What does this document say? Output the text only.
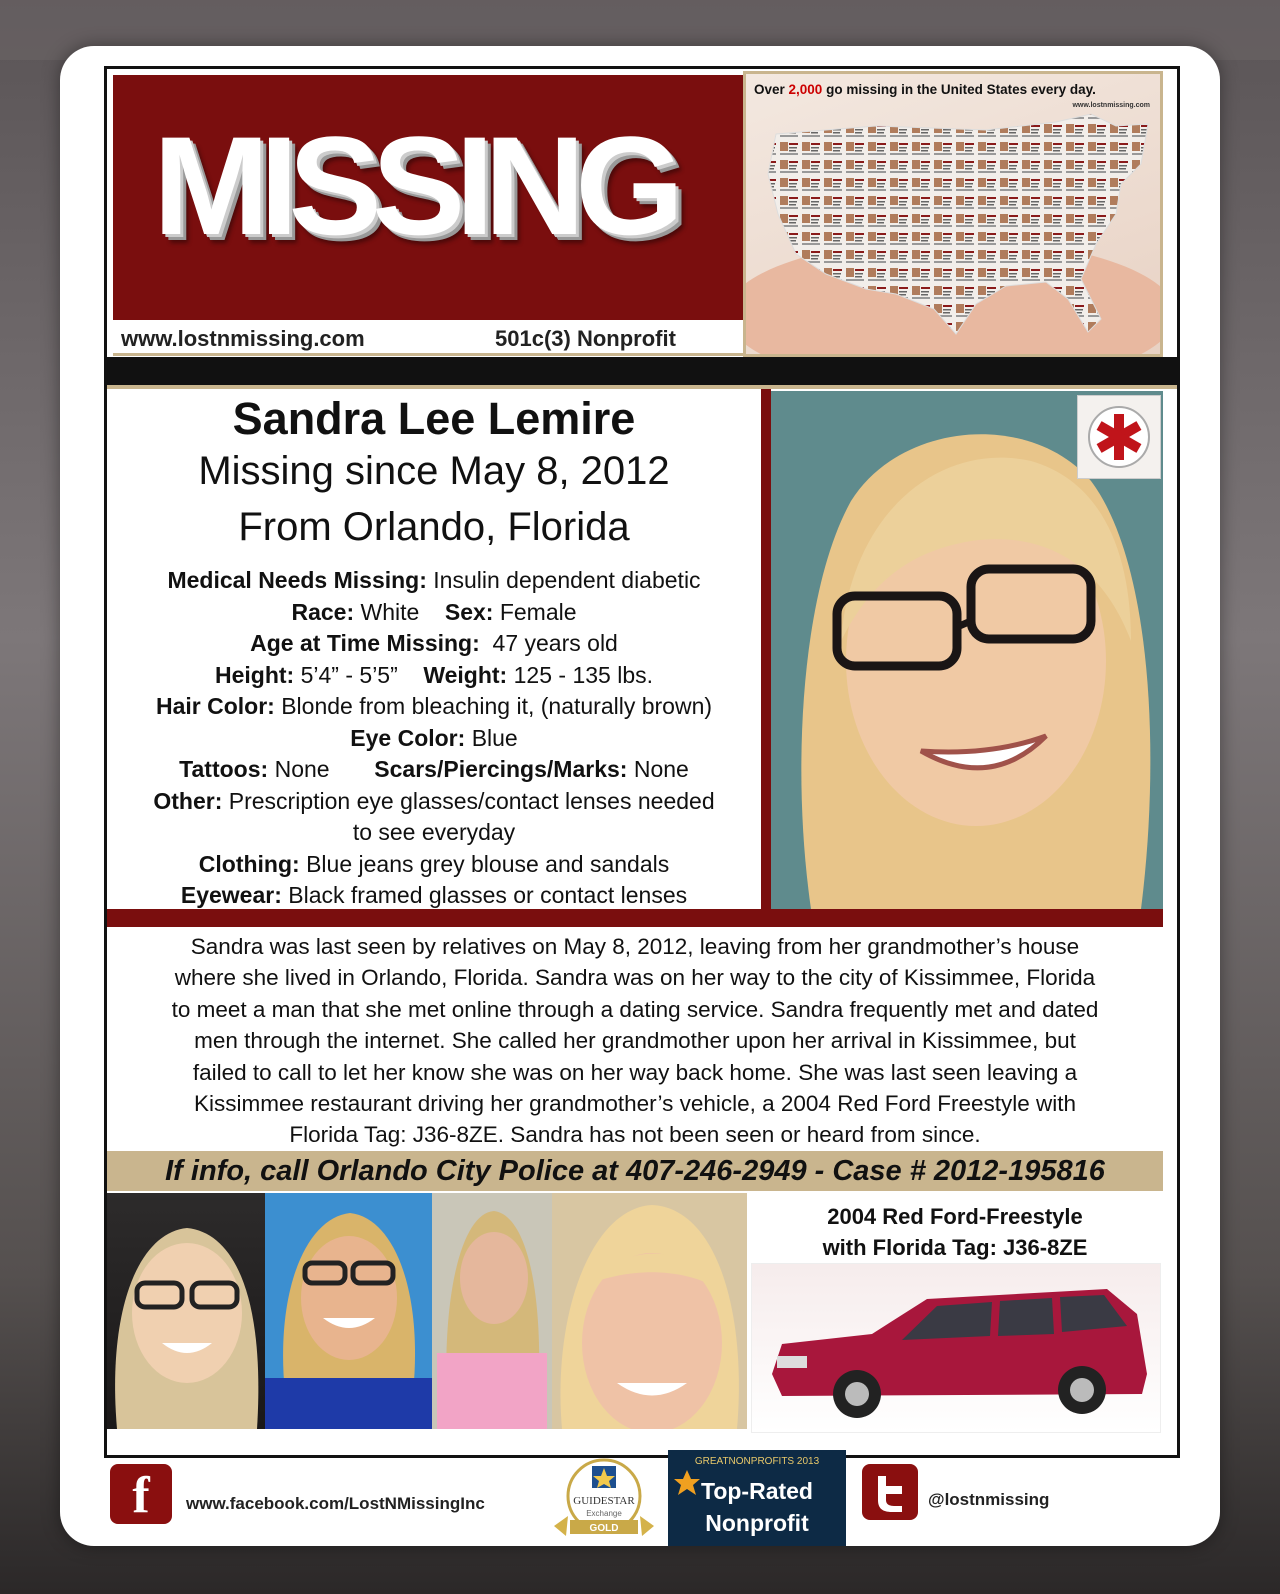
MISSING
www.lostnmissing.com	501c(3) Nonprofit
Over 2,000 go missing in the United States every day.
www.lostnmissing.com
Sandra Lee Lemire
Missing since May 8, 2012
From Orlando, Florida
Medical Needs Missing: Insulin dependent diabetic
Race: White Sex: Female
Age at Time Missing: 47 years old
Height: 5’4” - 5’5” Weight: 125 - 135 lbs.
Hair Color: Blonde from bleaching it, (naturally brown)
Eye Color: Blue
Tattoos: None Scars/Piercings/Marks: None
Other: Prescription eye glasses/contact lenses needed
to see everyday
Clothing: Blue jeans grey blouse and sandals
Eyewear: Black framed glasses or contact lenses
Sandra was last seen by relatives on May 8, 2012, leaving from her grandmother’s house
where she lived in Orlando, Florida. Sandra was on her way to the city of Kissimmee, Florida
to meet a man that she met online through a dating service. Sandra frequently met and dated
men through the internet. She called her grandmother upon her arrival in Kissimmee, but
failed to call to let her know she was on her way back home. She was last seen leaving a
Kissimmee restaurant driving her grandmother’s vehicle, a 2004 Red Ford Freestyle with
Florida Tag: J36-8ZE. Sandra has not been seen or heard from since.
If info, call Orlando City Police at 407-246-2949 - Case # 2012-195816
2004 Red Ford-Freestyle
with Florida Tag: J36-8ZE
f	www.facebook.com/LostNMissingInc	GUIDESTAR
Exchange
GOLD
GREATNONPROFITS 2013
Top-Rated
Nonprofit
@lostnmissing
